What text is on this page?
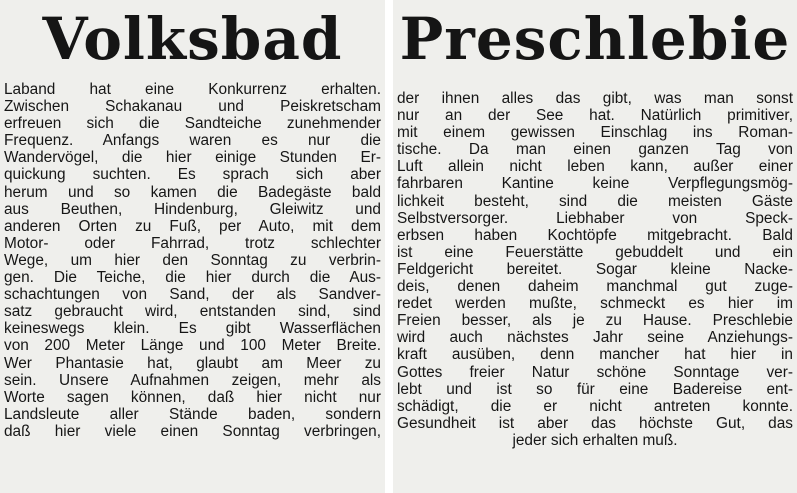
Volksbad
Laband hat eine Konkurrenz erhalten.
Zwischen Schakanau und Peiskretscham
erfreuen sich die Sandteiche zunehmender
Frequenz. Anfangs waren es nur die
Wandervögel, die hier einige Stunden Er-
quickung suchten. Es sprach sich aber
herum und so kamen die Badegäste bald
aus Beuthen, Hindenburg, Gleiwitz und
anderen Orten zu Fuß, per Auto, mit dem
Motor- oder Fahrrad, trotz schlechter
Wege, um hier den Sonntag zu verbrin-
gen. Die Teiche, die hier durch die Aus-
schachtungen von Sand, der als Sandver-
satz gebraucht wird, entstanden sind, sind
keineswegs klein. Es gibt Wasserflächen
von 200 Meter Länge und 100 Meter Breite.
Wer Phantasie hat, glaubt am Meer zu
sein. Unsere Aufnahmen zeigen, mehr als
Worte sagen können, daß hier nicht nur
Landsleute aller Stände baden, sondern
daß hier viele einen Sonntag verbringen,
Preschlebie
der ihnen alles das gibt, was man sonst
nur an der See hat. Natürlich primitiver,
mit einem gewissen Einschlag ins Roman-
tische. Da man einen ganzen Tag von
Luft allein nicht leben kann, außer einer
fahrbaren Kantine keine Verpflegungsmög-
lichkeit besteht, sind die meisten Gäste
Selbstversorger. Liebhaber von Speck-
erbsen haben Kochtöpfe mitgebracht. Bald
ist eine Feuerstätte gebuddelt und ein
Feldgericht bereitet. Sogar kleine Nacke-
deis, denen daheim manchmal gut zuge-
redet werden mußte, schmeckt es hier im
Freien besser, als je zu Hause. Preschlebie
wird auch nächstes Jahr seine Anziehungs-
kraft ausüben, denn mancher hat hier in
Gottes freier Natur schöne Sonntage ver-
lebt und ist so für eine Badereise ent-
schädigt, die er nicht antreten konnte.
Gesundheit ist aber das höchste Gut, das
jeder sich erhalten muß.
